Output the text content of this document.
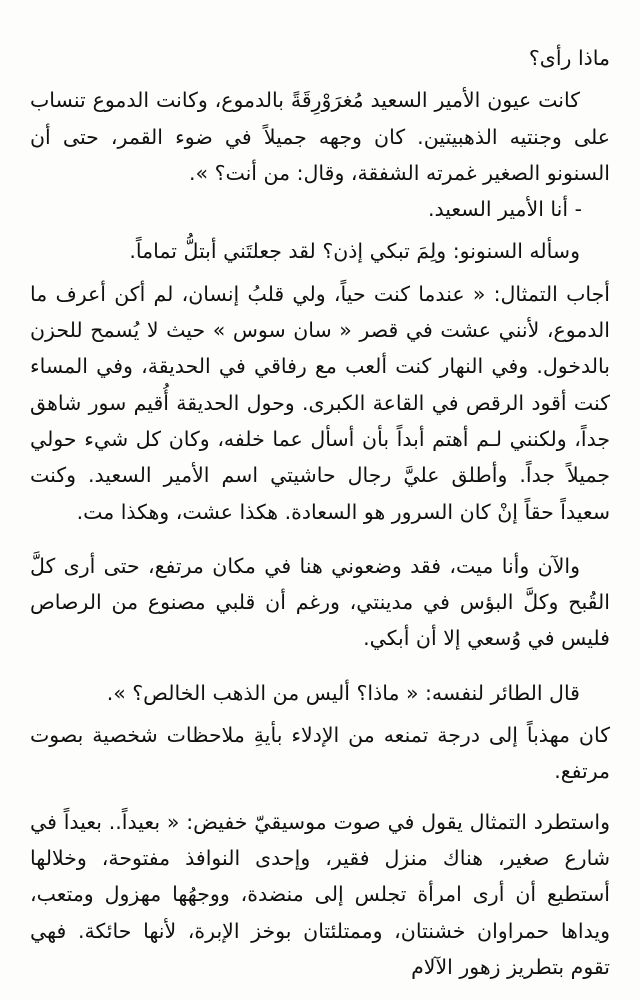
ماذا رأى؟

كانت عيون الأمير السعيد مُغرَوْرِقَةً بالدموع، وكانت الدموع تنساب على وجنتيه الذهبيتين. كان وجهه جميلاً في ضوء القمر، حتى أن السنونو الصغير غمرته الشفقة، وقال: من أنت؟ ».

- أنا الأمير السعيد.

وسأله السنونو: ولِمَ تبكي إذن؟ لقد جعلتَني أبتلُّ تماماً.

أجاب التمثال: « عندما كنت حياً، ولي قلبُ إنسان، لم أكن أعرف ما الدموع، لأنني عشت في قصر « سان سوس » حيث لا يُسمح للحزن بالدخول. وفي النهار كنت ألعب مع رفاقي في الحديقة، وفي المساء كنت أقود الرقص في القاعة الكبرى. وحول الحديقة أُقيم سور شاهق جداً، ولكنني لـم أهتم أبداً بأن أسأل عما خلفه، وكان كل شيء حولي جميلاً جداً. وأطلق عليَّ رجال حاشيتي اسم الأمير السعيد. وكنت سعيداً حقاً إنْ كان السرور هو السعادة. هكذا عشت، وهكذا مت.

والآن وأنا ميت، فقد وضعوني هنا في مكان مرتفع، حتى أرى كلَّ القُبح وكلَّ البؤس في مدينتي، ورغم أن قلبي مصنوع من الرصاص فليس في وُسعي إلا أن أبكي.

قال الطائر لنفسه: « ماذا؟ أليس من الذهب الخالص؟ ».

كان مهذباً إلى درجة تمنعه من الإدلاء بأيةِ ملاحظات شخصية بصوت مرتفع.

واستطرد التمثال يقول في صوت موسيقيّ خفيض: « بعيداً.. بعيداً في شارع صغير، هناك منزل فقير، وإحدى النوافذ مفتوحة، وخلالها أستطيع أن أرى امرأة تجلس إلى منضدة، ووجهُها مهزول ومتعب، ويداها حمراوان خشنتان، وممتلئتان بوخز الإبرة، لأنها حائكة. فهي تقوم بتطريز زهور الآلام
